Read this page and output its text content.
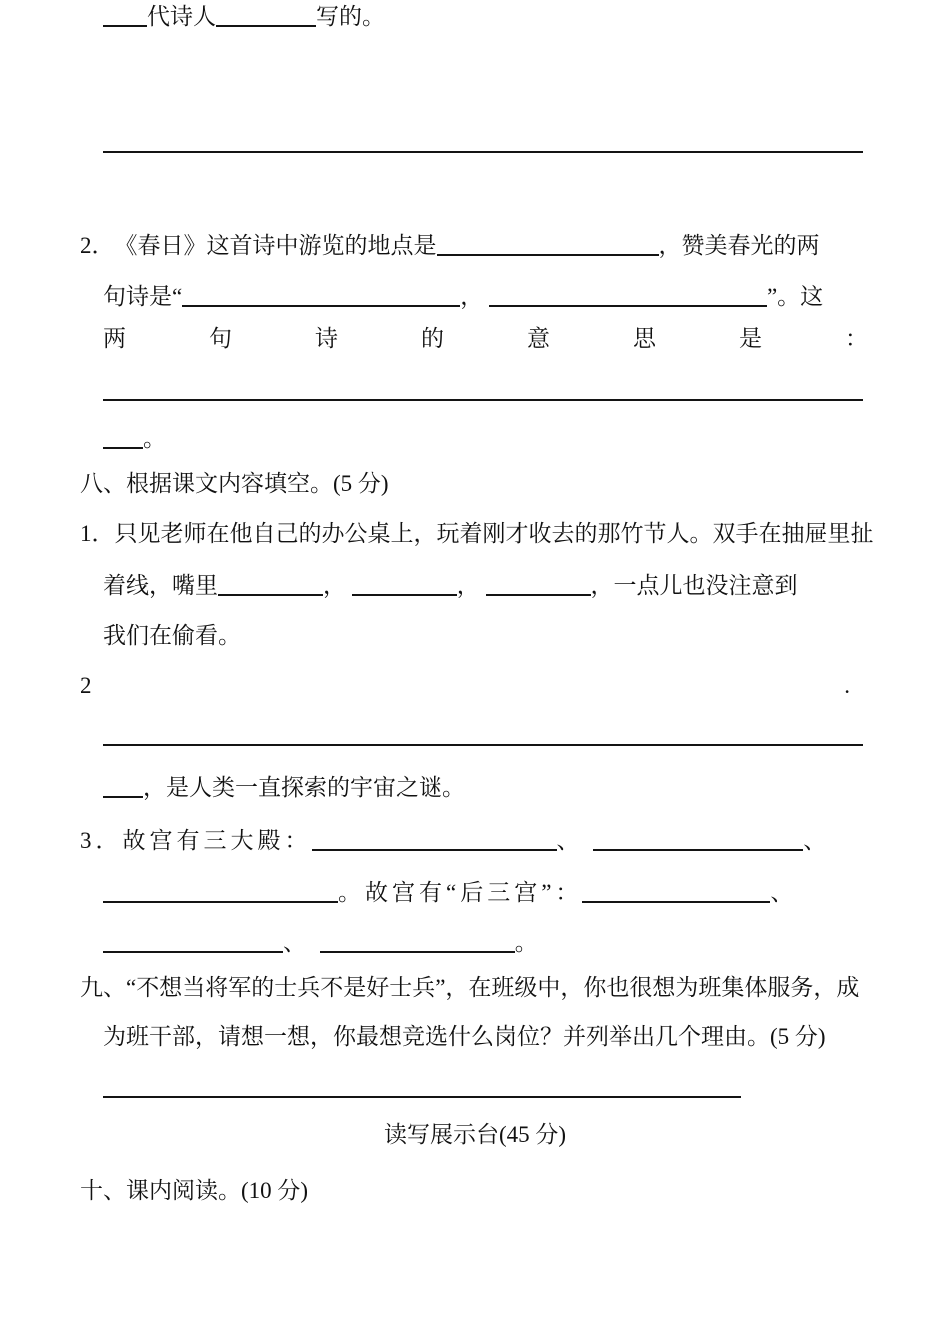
代诗人	写的。
2．《春日》这首诗中游览的地点是	，赞美春光的两
句诗是“	，	”。这
两	句	诗	的	意	思	是	：
。
八、根据课文内容填空。(5 分)
1．只见老师在他自己的办公桌上，玩着刚才收去的那竹节人。双手在抽屉里扯
着线，嘴里	，	，	，一点儿也没注意到
我们在偷看。
2	.
，是人类一直探索的宇宙之谜。
3．故宫有三大殿：	、	、
。故宫有“后三宫”：	、
、	。
九、“不想当将军的士兵不是好士兵”，在班级中，你也很想为班集体服务，成
为班干部，请想一想，你最想竞选什么岗位？并列举出几个理由。(5 分)
读写展示台(45 分)
十、课内阅读。(10 分)
